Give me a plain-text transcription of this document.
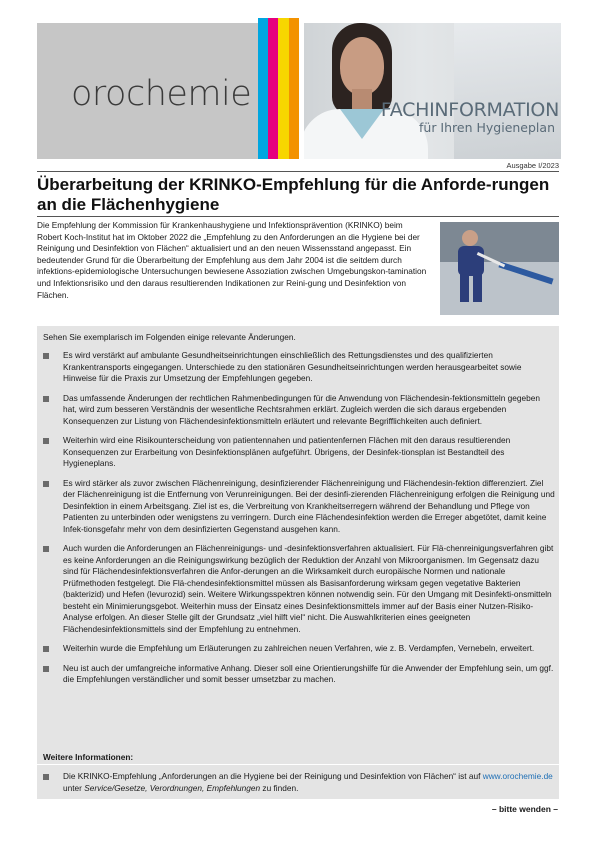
orochemie	FACHINFORMATION
für Ihren Hygieneplan
Ausgabe I/2023
Überarbeitung der KRINKO-Empfehlung für die Anforde-rungen an die Flächenhygiene

Die Empfehlung der Kommission für Krankenhaushygiene und Infektionsprävention (KRINKO) beim Robert Koch-Institut hat im Oktober 2022 die „Empfehlung zu den Anforderungen an die Hygiene bei der Reinigung und Desinfektion von Flächen“ aktualisiert und an den neuen Wissensstand angepasst. Ein bedeutender Grund für die Überarbeitung der Empfehlung aus dem Jahr 2004 ist die seitdem durch infektions-epidemiologische Untersuchungen bewiesene Assoziation zwischen Umgebungskon-tamination und Infektionsrisiko und den daraus resultierenden Indikationen zur Reini-gung und Desinfektion von Flächen.

Sehen Sie exemplarisch im Folgenden einige relevante Änderungen.
Es wird verstärkt auf ambulante Gesundheitseinrichtungen einschließlich des Rettungsdienstes und des qualifizierten Krankentransports eingegangen. Unterschiede zu den stationären Gesundheitseinrichtungen werden herausgearbeitet sowie Hinweise für die Praxis zur Umsetzung der Empfehlungen gegeben.
Das umfassende Änderungen der rechtlichen Rahmenbedingungen für die Anwendung von Flächendesin-fektionsmitteln gegeben hat, wird zum besseren Verständnis der wesentliche Rechtsrahmen erklärt. Zugleich werden die sich daraus ergebenden Konsequenzen zur Listung von Flächendesinfektionsmitteln erläutert und relevante Begrifflichkeiten auch definiert.
Weiterhin wird eine Risikounterscheidung von patientennahen und patientenfernen Flächen mit den daraus resultierenden Konsequenzen zur Erarbeitung von Desinfektionsplänen aufgeführt. Übrigens, der Desinfek-tionsplan ist Bestandteil des Hygieneplans.
Es wird stärker als zuvor zwischen Flächenreinigung, desinfizierender Flächenreinigung und Flächendesin-fektion differenziert. Ziel der Flächenreinigung ist die Entfernung von Verunreinigungen. Bei der desinfi-zierenden Flächenreinigung erfolgen die Reinigung und Desinfektion in einem Arbeitsgang. Ziel ist es, die Verbreitung von Krankheitserregern während der Behandlung und Pflege von Patienten zu unterbinden oder wenigstens zu verringern. Durch eine Flächendesinfektion werden die Erreger abgetötet, damit keine Infek-tionsgefahr mehr von dem desinfizierten Gegenstand ausgehen kann.
Auch wurden die Anforderungen an Flächenreinigungs- und -desinfektionsverfahren aktualisiert. Für Flä-chenreinigungsverfahren gibt es keine Anforderungen an die Reinigungswirkung bezüglich der Reduktion der Anzahl von Mikroorganismen. Im Gegensatz dazu sind für Flächendesinfektionsverfahren die Anfor-derungen an die Wirksamkeit durch europäische Normen und nationale Prüfmethoden festgelegt. Die Flä-chendesinfektionsmittel müssen als Basisanforderung wirksam gegen vegetative Bakterien (bakterizid) und Hefen (levurozid) sein. Weitere Wirkungsspektren können notwendig sein. Für den Umgang mit Desinfekti-onsmitteln besteht ein Minimierungsgebot. Weiterhin muss der Einsatz eines Desinfektionsmittels immer auf der Basis einer Nutzen-Risiko-Analyse erfolgen. An dieser Stelle gilt der Grundsatz „viel hilft viel“ nicht. Die Auswahlkriterien eines geeigneten Flächendesinfektionsmittels sind der Empfehlung zu entnehmen.
Weiterhin wurde die Empfehlung um Erläuterungen zu zahlreichen neuen Verfahren, wie z. B. Verdampfen, Vernebeln, erweitert.
Neu ist auch der umfangreiche informative Anhang. Dieser soll eine Orientierungshilfe für die Anwender der Empfehlung sein, um ggf. die Empfehlungen verständlicher und somit besser umsetzbar zu machen.
Weitere Informationen:
Die KRINKO-Empfehlung „Anforderungen an die Hygiene bei der Reinigung und Desinfektion von Flächen“ ist auf www.orochemie.de unter Service/Gesetze, Verordnungen, Empfehlungen zu finden.
– bitte wenden –
